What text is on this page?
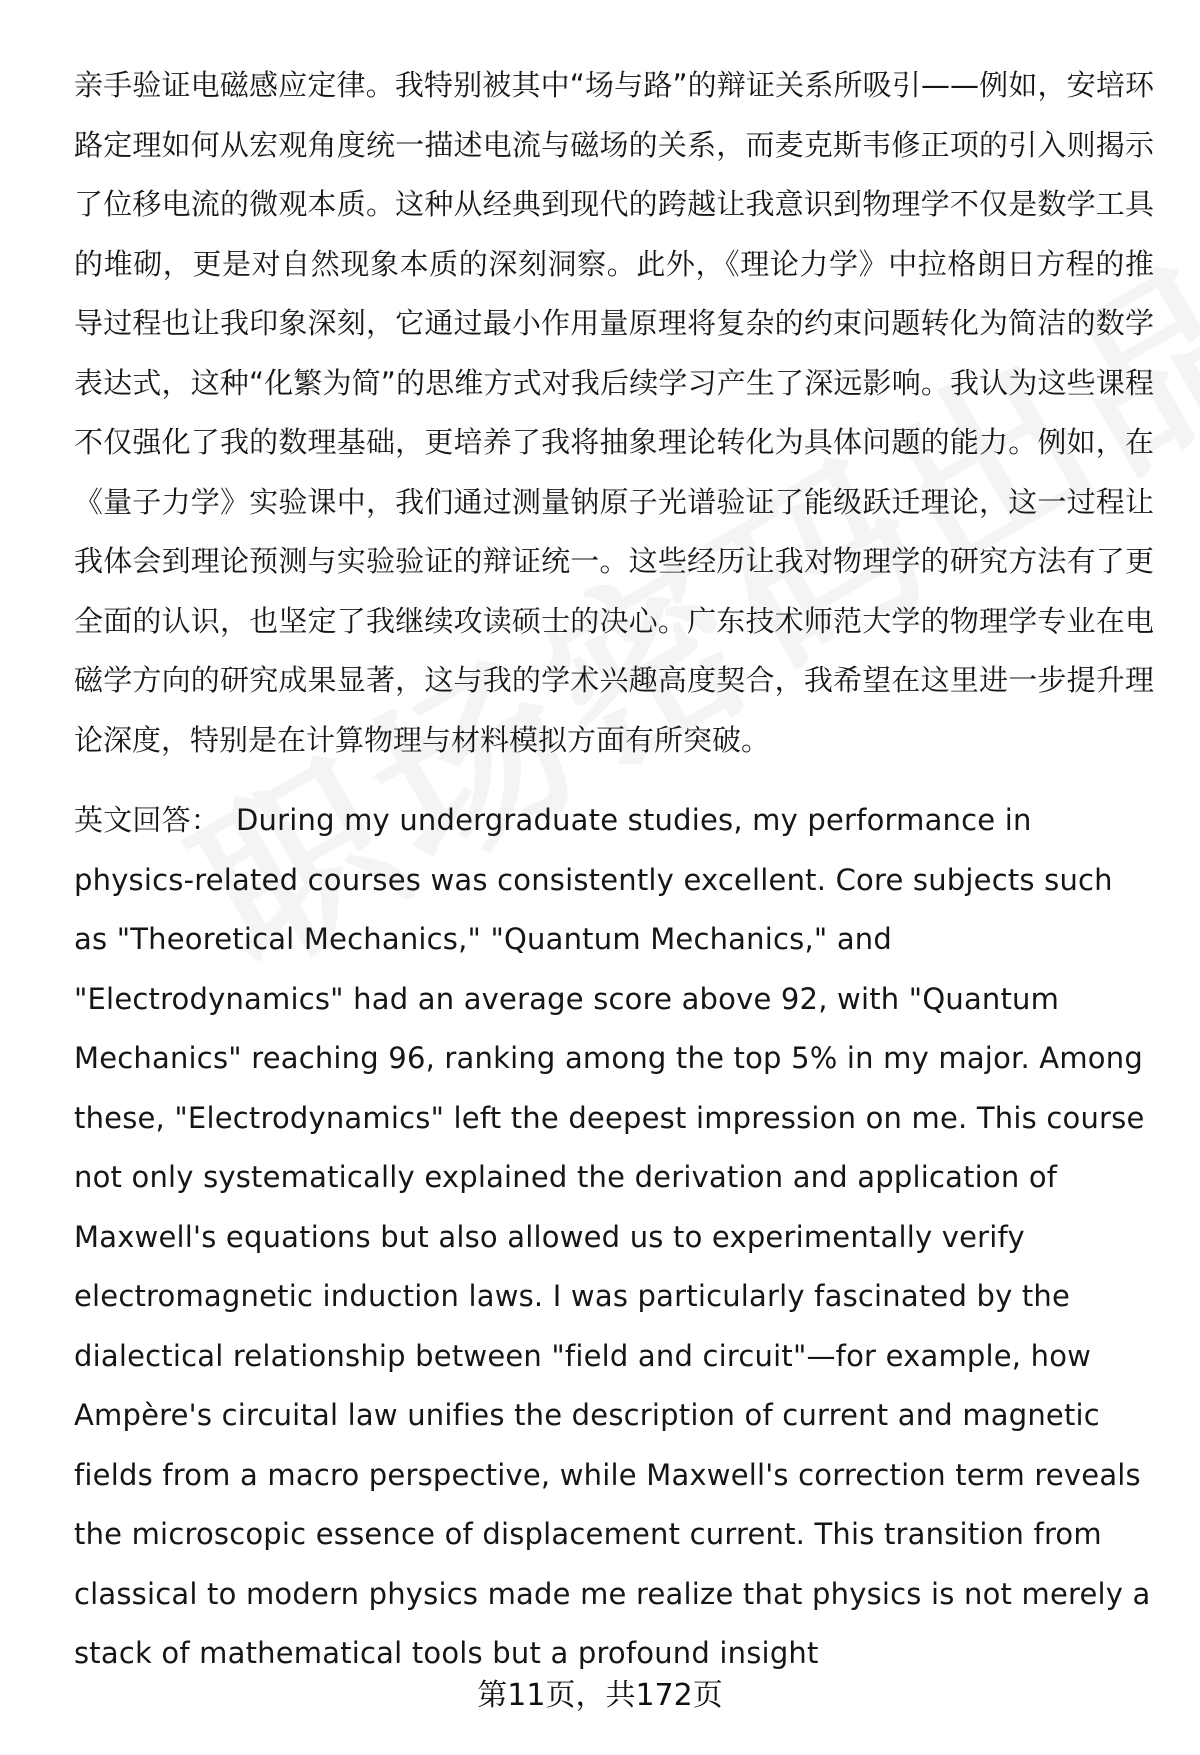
亲手验证电磁感应定律。我特别被其中“场与路”的辩证关系所吸引——例如，安培环路定理如何从宏观角度统一描述电流与磁场的关系，而麦克斯韦修正项的引入则揭示了位移电流的微观本质。这种从经典到现代的跨越让我意识到物理学不仅是数学工具的堆砌，更是对自然现象本质的深刻洞察。此外，《理论力学》中拉格朗日方程的推导过程也让我印象深刻，它通过最小作用量原理将复杂的约束问题转化为简洁的数学表达式，这种“化繁为简”的思维方式对我后续学习产生了深远影响。我认为这些课程不仅强化了我的数理基础，更培养了我将抽象理论转化为具体问题的能力。例如，在《量子力学》实验课中，我们通过测量钠原子光谱验证了能级跃迁理论，这一过程让我体会到理论预测与实验验证的辩证统一。这些经历让我对物理学的研究方法有了更全面的认识，也坚定了我继续攻读硕士的决心。广东技术师范大学的物理学专业在电磁学方向的研究成果显著，这与我的学术兴趣高度契合，我希望在这里进一步提升理论深度，特别是在计算物理与材料模拟方面有所突破。

英文回答： During my undergraduate studies, my performance in physics-related courses was consistently excellent. Core subjects such as "Theoretical Mechanics," "Quantum Mechanics," and "Electrodynamics" had an average score above 92, with "Quantum Mechanics" reaching 96, ranking among the top 5% in my major. Among these, "Electrodynamics" left the deepest impression on me. This course not only systematically explained the derivation and application of Maxwell's equations but also allowed us to experimentally verify electromagnetic induction laws. I was particularly fascinated by the dialectical relationship between "field and circuit"—for example, how Ampère's circuital law unifies the description of current and magnetic fields from a macro perspective, while Maxwell's correction term reveals the microscopic essence of displacement current. This transition from classical to modern physics made me realize that physics is not merely a stack of mathematical tools but a profound insight

第11页，共172页
